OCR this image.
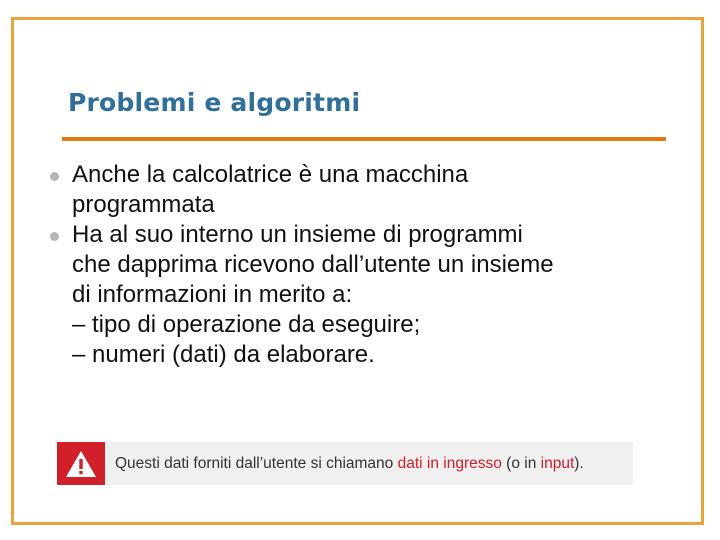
Problemi e algoritmi
Anche la calcolatrice è una macchina
programmata
Ha al suo interno un insieme di programmi
che dapprima ricevono dall’utente un insieme
di informazioni in merito a:
– tipo di operazione da eseguire;
– numeri (dati) da elaborare.
Questi dati forniti dall’utente si chiamano dati in ingresso (o in input).
